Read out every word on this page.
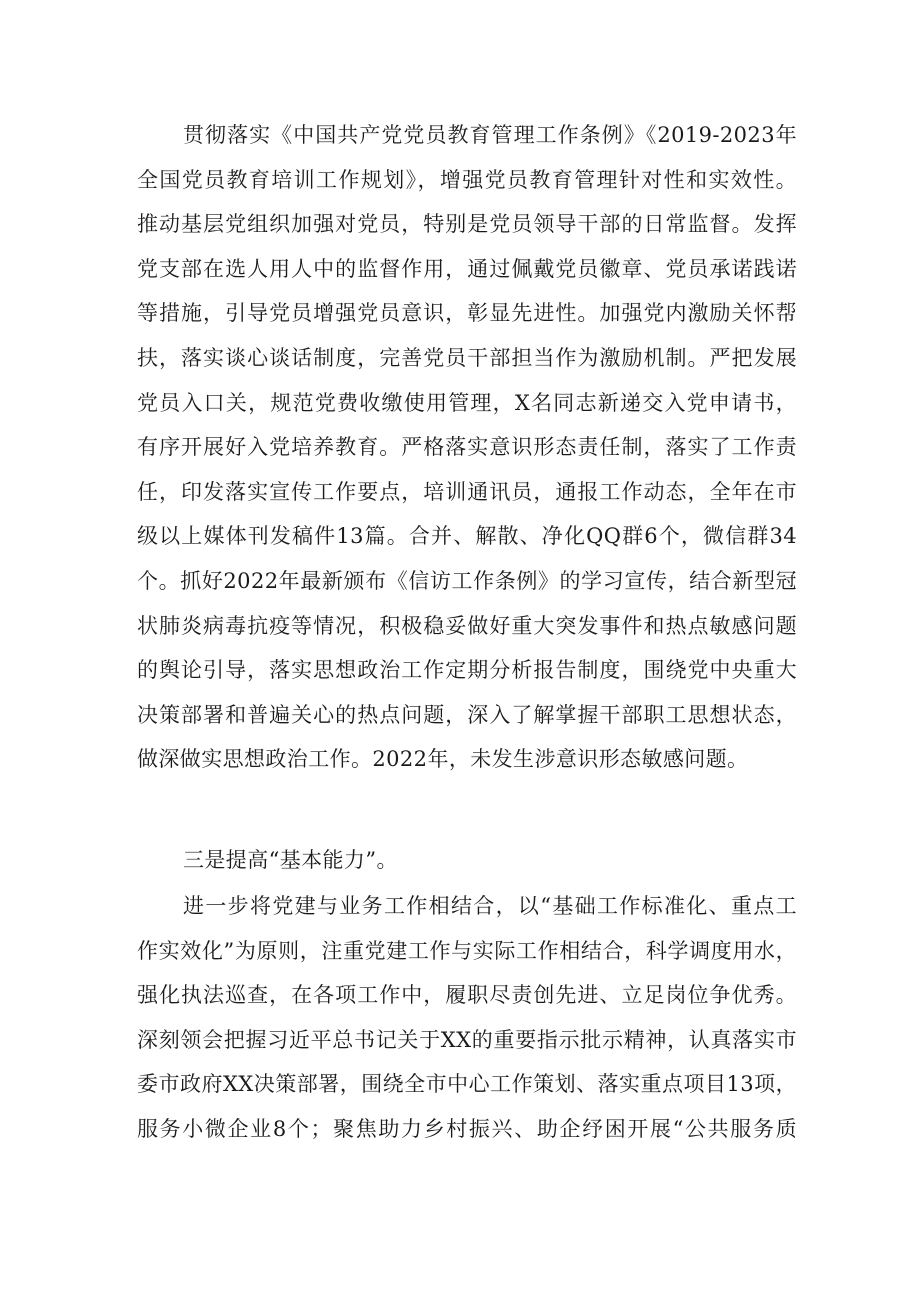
贯彻落实《中国共产党党员教育管理工作条例》《2019-2023年
全国党员教育培训工作规划》，增强党员教育管理针对性和实效性。
推动基层党组织加强对党员，特别是党员领导干部的日常监督。发挥
党支部在选人用人中的监督作用，通过佩戴党员徽章、党员承诺践诺
等措施，引导党员增强党员意识，彰显先进性。加强党内激励关怀帮
扶，落实谈心谈话制度，完善党员干部担当作为激励机制。严把发展
党员入口关，规范党费收缴使用管理，X名同志新递交入党申请书，
有序开展好入党培养教育。严格落实意识形态责任制，落实了工作责
任，印发落实宣传工作要点，培训通讯员，通报工作动态，全年在市
级以上媒体刊发稿件13篇。合并、解散、净化QQ群6个，微信群34
个。抓好2022年最新颁布《信访工作条例》的学习宣传，结合新型冠
状肺炎病毒抗疫等情况，积极稳妥做好重大突发事件和热点敏感问题
的舆论引导，落实思想政治工作定期分析报告制度，围绕党中央重大
决策部署和普遍关心的热点问题，深入了解掌握干部职工思想状态，
做深做实思想政治工作。2022年，未发生涉意识形态敏感问题。
三是提高“基本能力”。
进一步将党建与业务工作相结合，以“基础工作标准化、重点工
作实效化”为原则，注重党建工作与实际工作相结合，科学调度用水，
强化执法巡查，在各项工作中，履职尽责创先进、立足岗位争优秀。
深刻领会把握习近平总书记关于XX的重要指示批示精神，认真落实市
委市政府XX决策部署，围绕全市中心工作策划、落实重点项目13项，
服务小微企业8个；聚焦助力乡村振兴、助企纾困开展“公共服务质
